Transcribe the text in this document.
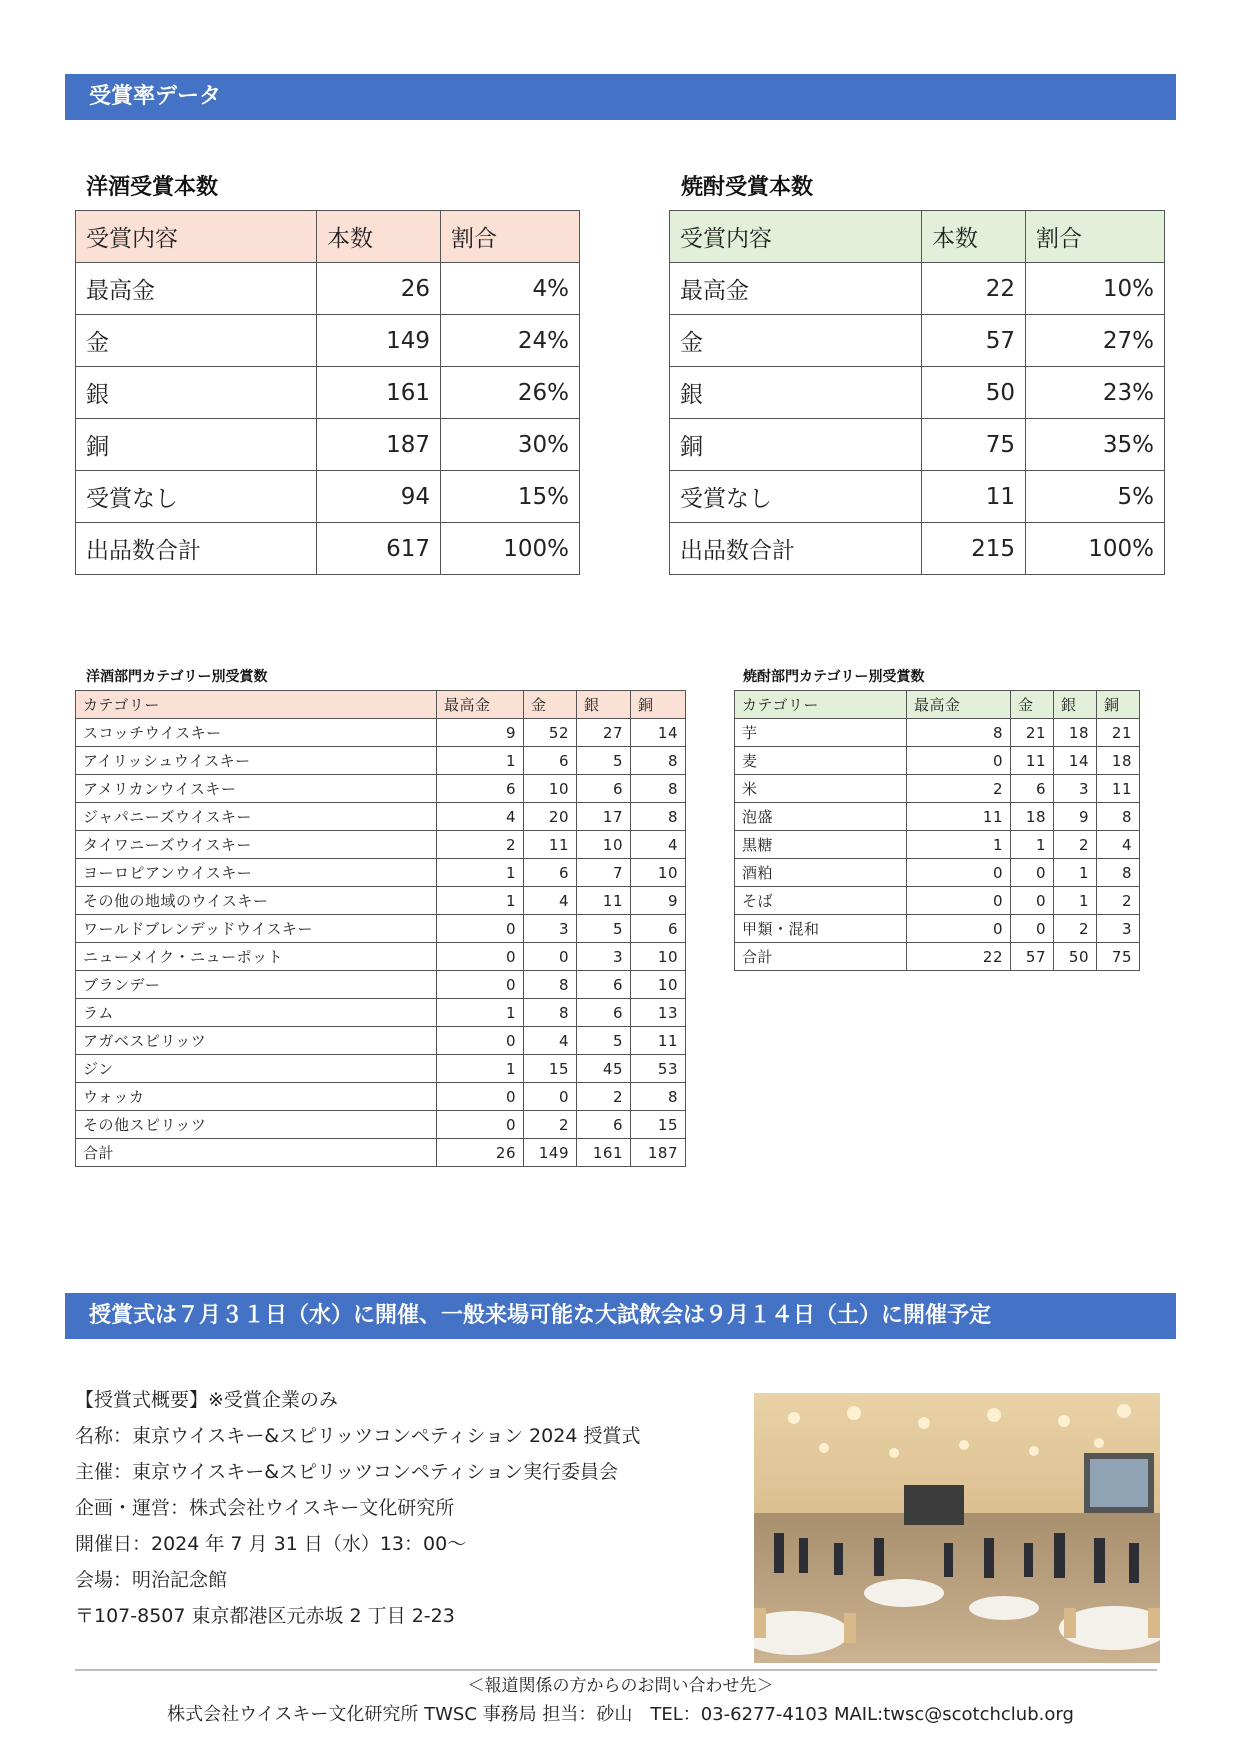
受賞率データ
洋酒受賞本数	焼酎受賞本数
受賞内容	本数	割合
最高金	26	4%
金	149	24%
銀	161	26%
銅	187	30%
受賞なし	94	15%
出品数合計	617	100%
受賞内容	本数	割合
最高金	22	10%
金	57	27%
銀	50	23%
銅	75	35%
受賞なし	11	5%
出品数合計	215	100%
洋酒部門カテゴリー別受賞数	焼酎部門カテゴリー別受賞数
カテゴリー	最高金	金	銀	銅
スコッチウイスキー	9	52	27	14
アイリッシュウイスキー	1	6	5	8
アメリカンウイスキー	6	10	6	8
ジャパニーズウイスキー	4	20	17	8
タイワニーズウイスキー	2	11	10	4
ヨーロピアンウイスキー	1	6	7	10
その他の地域のウイスキー	1	4	11	9
ワールドブレンデッドウイスキー	0	3	5	6
ニューメイク・ニューポット	0	0	3	10
ブランデー	0	8	6	10
ラム	1	8	6	13
アガベスピリッツ	0	4	5	11
ジン	1	15	45	53
ウォッカ	0	0	2	8
その他スピリッツ	0	2	6	15
合計	26	149	161	187
カテゴリー	最高金	金	銀	銅
芋	8	21	18	21
麦	0	11	14	18
米	2	6	3	11
泡盛	11	18	9	8
黒糖	1	1	2	4
酒粕	0	0	1	8
そば	0	0	1	2
甲類・混和	0	0	2	3
合計	22	57	50	75
授賞式は７月３１日（水）に開催、一般来場可能な大試飲会は９月１４日（土）に開催予定
【授賞式概要】※受賞企業のみ
名称：東京ウイスキー&スピリッツコンペティション 2024 授賞式
主催：東京ウイスキー&スピリッツコンペティション実行委員会
企画・運営：株式会社ウイスキー文化研究所
開催日：2024 年 7 月 31 日（水）13：00～
会場：明治記念館
〒107-8507 東京都港区元赤坂 2 丁目 2-23
＜報道関係の方からのお問い合わせ先＞
株式会社ウイスキー文化研究所 TWSC 事務局 担当：砂山　TEL：03-6277-4103 MAIL:twsc@scotchclub.org
